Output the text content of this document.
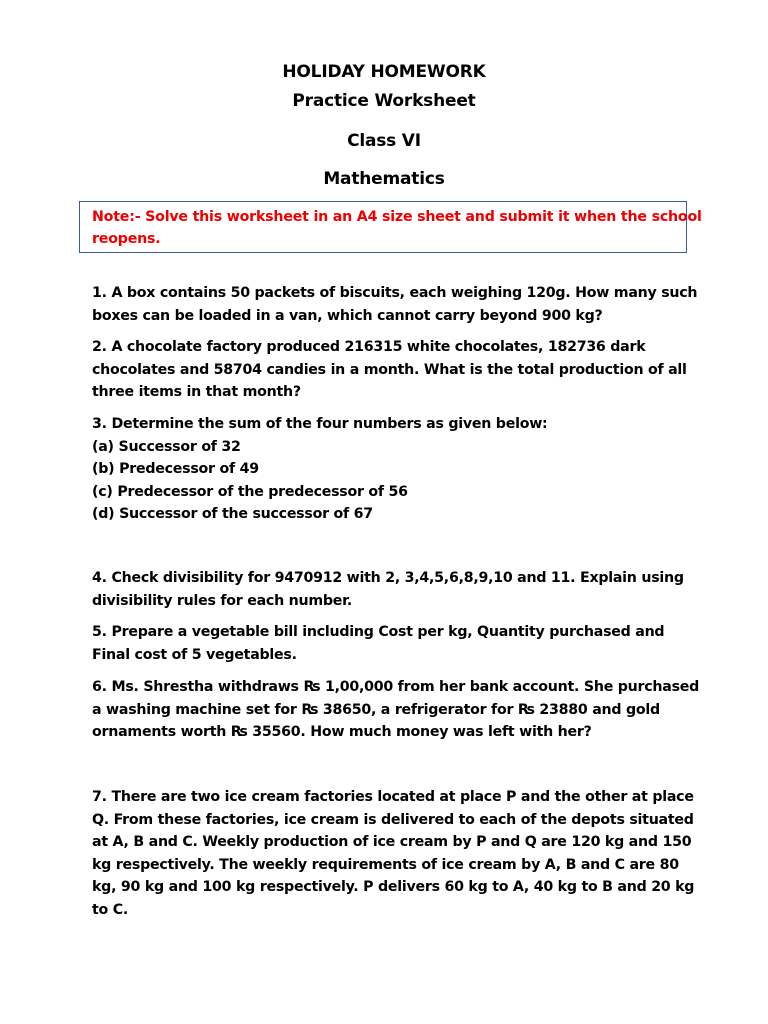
HOLIDAY HOMEWORK
Practice Worksheet
Class VI
Mathematics
Note:- Solve this worksheet in an A4 size sheet and submit it when the school
reopens.
1. A box contains 50 packets of biscuits, each weighing 120g. How many such
boxes can be loaded in a van, which cannot carry beyond 900 kg?
2. A chocolate factory produced 216315 white chocolates, 182736 dark
chocolates and 58704 candies in a month. What is the total production of all
three items in that month?
3. Determine the sum of the four numbers as given below:
(a) Successor of 32
(b) Predecessor of 49
(c) Predecessor of the predecessor of 56
(d) Successor of the successor of 67
4. Check divisibility for 9470912 with 2, 3,4,5,6,8,9,10 and 11. Explain using
divisibility rules for each number.
5. Prepare a vegetable bill including Cost per kg, Quantity purchased and
Final cost of 5 vegetables.
6. Ms. Shrestha withdraws ₨ 1,00,000 from her bank account. She purchased
a washing machine set for ₨ 38650, a refrigerator for ₨ 23880 and gold
ornaments worth ₨ 35560. How much money was left with her?
7. There are two ice cream factories located at place P and the other at place
Q. From these factories, ice cream is delivered to each of the depots situated
at A, B and C. Weekly production of ice cream by P and Q are 120 kg and 150
kg respectively. The weekly requirements of ice cream by A, B and C are 80
kg, 90 kg and 100 kg respectively. P delivers 60 kg to A, 40 kg to B and 20 kg
to C.
